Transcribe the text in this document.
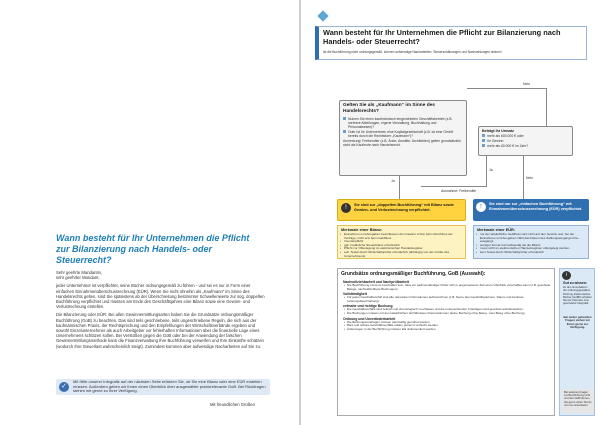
Wann besteht für Ihr Unternehmen die Pflicht zur Bilanzierung nach Handels- oder Steuerrecht?

Sehr geehrte Mandantin,
sehr geehrter Mandant,

jeder Unternehmer ist verpflichtet, seine Bücher ordnungsgemäß zu führen - und sei es nur in Form einer einfachen Einnahmenüberschussrechnung (EÜR). Wenn Sie nicht ohnehin als „Kaufmann“ im Sinne des Handelsrechts gelten, sind Sie spätestens ab der Überschreitung bestimmter Schwellenwerte zur sog. doppelten Buchführung verpflichtet und müssen am Ende des Geschäftsjahres eine Bilanz sowie eine Gewinn- und Verlustrechnung erstellen.

Die Bilanzierung oder EÜR: Bei allen Gewinnermittlungsarten haben Sie die Grundsätze ordnungsmäßiger Buchführung (GoB) zu beachten. Das sind teils geschriebene, teils ungeschriebene Regeln, die sich aus der kaufmännischen Praxis, der Rechtsprechung und den Empfehlungen der Wirtschaftsverbände ergeben und sowohl Einzelunternehmer als auch Arbeitgeber vor fehlerhaften Informationen über die finanzielle Lage eines Unternehmens schützen sollen. Bei Verstößen gegen die GoB oder bei der Anwendung der falschen Gewinnermittlungsmethode kann die Finanzverwaltung Ihre Buchführung verwerfen und Ihre Einkünfte schätzen (wodurch Ihre Steuerlast wahrscheinlich steigt). Zumindest kommen aber aufwendige Nacharbeiten auf Sie zu.

✓
Mit Hilfe unserer Infografik auf der nächsten Seite erfahren Sie, ob Sie eine Bilanz oder eine EÜR erstellen müssen. Außerdem geben wir Ihnen einen Überblick über ausgewählte praxisrelevante GoB. Bei Rückfragen stehen wir gerne zu Ihrer Verfügung.
Mit freundlichen Grüßen
Wann besteht für Ihr Unternehmen die Pflicht zur Bilanzierung nach Handels- oder Steuerrecht?
Ist die Buchführung nicht ordnungsgemäß, können aufwendige Nacharbeiten, Steuerschätzungen und Nachzahlungen drohen!
Gelten Sie als „Kaufmann“ im Sinne des Handelsrechts?
Nutzen Sie einen kaufmännisch eingerichteten Geschäftsbetrieb (z.B. mehrere Abteilungen, eigene Verwaltung, Buchhaltung und Personalwesen)?
Oder ist Ihr Unternehmen eine Kapitalgesellschaft (z.B. ist eine GmbH bereits durch die Rechtsform „Kaufmann“)?
Anmerkung: Freiberufler (z.B. Ärzte, Anwälte, Architekten) gelten grundsätzlich nicht als Kaufleute nach Handelsrecht.
Nein
Beträgt Ihr Umsatz
mehr als 600.000 € oder
Ihr Gewinn
mehr als 60.000 € im Jahr?
Ja
Nein
Ja
Ausnahme: Freiberufler
!	Sie sind zur „doppelten Buchführung“ mit Bilanz sowie Gewinn- und Verlustrechnung verpflichtet.	!	Sie sind nur zur „einfachen Buchführung“ mit Einnahmenüberschussrechnung (EÜR) verpflichtet.
Merkmale einer Bilanz:
• Einnahmen und Ausgaben beeinflussen den Gewinn schon beim Abschluss der Verträge, nicht erst beim Geldfluss
• Inventurpflicht
• ggf. zusätzliche Steuerbilanz erforderlich
• Pflicht zur Offenlegung im elektronischen Handelsregister
• evtl. Testat durch Wirtschaftsprüfer erforderlich (abhängig von der Größe des Unternehmens)
Merkmale einer EÜR:
• nur der tatsächliche Geldfluss wird nicht auf den Gewinn aus: bei der Einnahmen und Ausgaben zählt das Datum des Zahlungseingangs bzw. -ausgangs
• weniger formal und aufwendig als die Bilanz
• muss nicht im elektronischen Handelsregister offengelegt werden
• kein Testat durch Wirtschaftsprüfer erforderlich
Grundsätze ordnungsmäßiger Buchführung, GoB (Auswahl):
Nachvollziehbarkeit und Nachprüfbarkeit
• Die Buchführung muss so beschaffen sein, dass ein sachverständiger Dritter sich in angemessener Zeit einen Überblick verschaffen kann (z.B. geschulte Belege, nachvollziehbare Buchungen).
Vollständigkeit
• Für jeden Geschäftsvorfall sind alle relevanten Informationen aufzuzeichnen (z.B. Name des Geschäftspartners, Datum und konkrete Leistungsbeschreibung).
zeitnahe und richtige Buchung
• Die Geschäftsvorfälle sind zeitnah und chronologisch zu erfassen und die entsprechenden Unterlagen sind geordnet aufzubewahren.
• Die Buchungen müssen mit den tatsächlichen Verhältnissen übereinstimmen (keine Buchung ohne Beleg - kein Beleg ohne Buchung).
Ordnung und Unveränderbarkeit
• Die Buchungsunterlagen müssen planmäßig geordnet werden.
• Bare und unbare Geschäftsvorfälle sollten getrennt verbucht werden.
• Änderungen in der Buchführung müssen klar dokumentiert werden.
i
Gut zu wissen:
Zu den Grundsätzen der ordnungsgemäßen Führung elektronischer Bücher (GoBD) erhalten Sie bei Interesse eine gesonderte Infografik.
Bei weiter gehenden Fragen stehen wir Ihnen gerne zur Verfügung.
Bei weiteren Fragen zur Buchführung nicht und den GoB können Sie gerne einen Termin mit uns vereinbaren.
